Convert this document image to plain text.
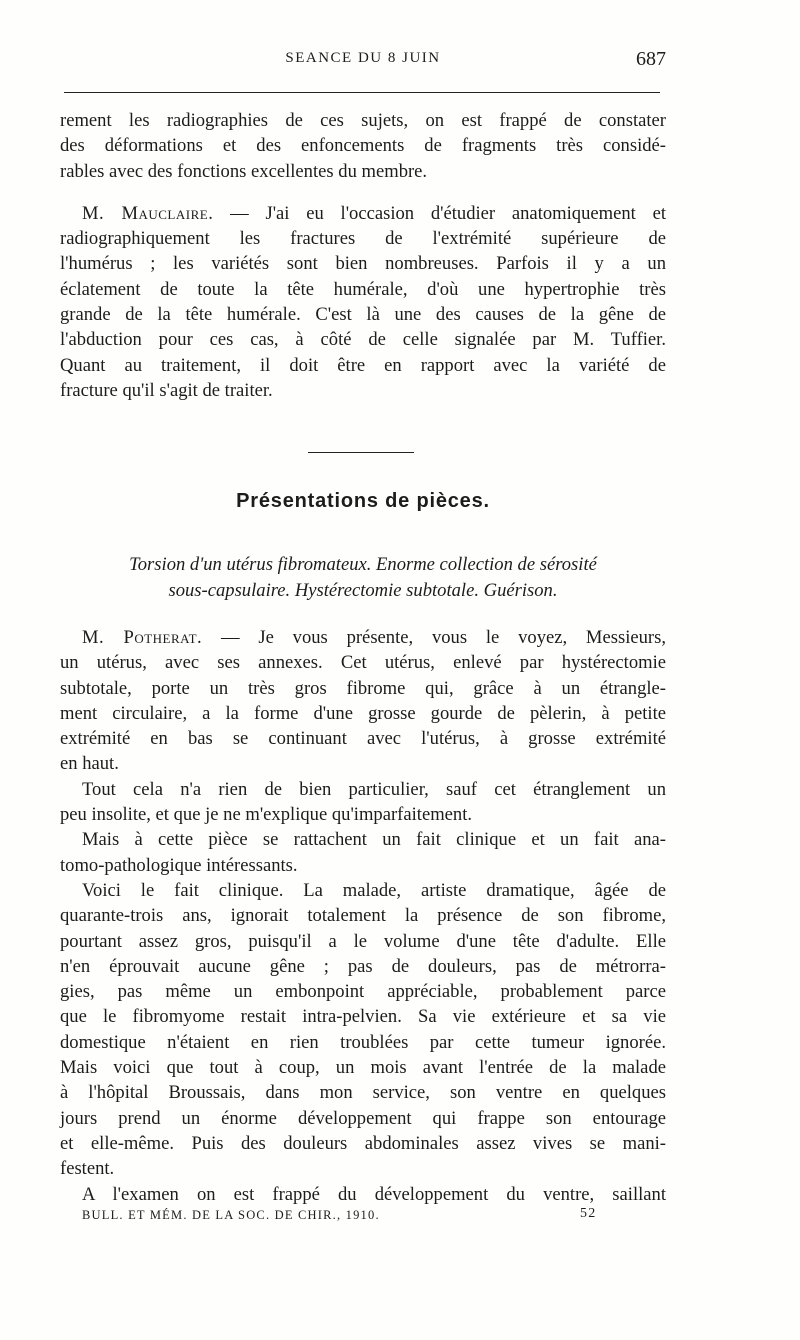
SEANCE DU 8 JUIN	687
rement les radiographies de ces sujets, on est frappé de constater
des déformations et des enfoncements de fragments très considé-
rables avec des fonctions excellentes du membre.
M. Mauclaire. — J'ai eu l'occasion d'étudier anatomiquement et
radiographiquement les fractures de l'extrémité supérieure de
l'humérus ; les variétés sont bien nombreuses. Parfois il y a un
éclatement de toute la tête humérale, d'où une hypertrophie très
grande de la tête humérale. C'est là une des causes de la gêne de
l'abduction pour ces cas, à côté de celle signalée par M. Tuffier.
Quant au traitement, il doit être en rapport avec la variété de
fracture qu'il s'agit de traiter.
Présentations de pièces.
Torsion d'un utérus fibromateux. Enorme collection de sérosité
sous-capsulaire. Hystérectomie subtotale. Guérison.
M. Potherat. — Je vous présente, vous le voyez, Messieurs,
un utérus, avec ses annexes. Cet utérus, enlevé par hystérectomie
subtotale, porte un très gros fibrome qui, grâce à un étrangle-
ment circulaire, a la forme d'une grosse gourde de pèlerin, à petite
extrémité en bas se continuant avec l'utérus, à grosse extrémité
en haut.
Tout cela n'a rien de bien particulier, sauf cet étranglement un
peu insolite, et que je ne m'explique qu'imparfaitement.
Mais à cette pièce se rattachent un fait clinique et un fait ana-
tomo-pathologique intéressants.
Voici le fait clinique. La malade, artiste dramatique, âgée de
quarante-trois ans, ignorait totalement la présence de son fibrome,
pourtant assez gros, puisqu'il a le volume d'une tête d'adulte. Elle
n'en éprouvait aucune gêne ; pas de douleurs, pas de métrorra-
gies, pas même un embonpoint appréciable, probablement parce
que le fibromyome restait intra-pelvien. Sa vie extérieure et sa vie
domestique n'étaient en rien troublées par cette tumeur ignorée.
Mais voici que tout à coup, un mois avant l'entrée de la malade
à l'hôpital Broussais, dans mon service, son ventre en quelques
jours prend un énorme développement qui frappe son entourage
et elle-même. Puis des douleurs abdominales assez vives se mani-
festent.
A l'examen on est frappé du développement du ventre, saillant
BULL. ET MÉM. DE LA SOC. DE CHIR., 1910.	52
